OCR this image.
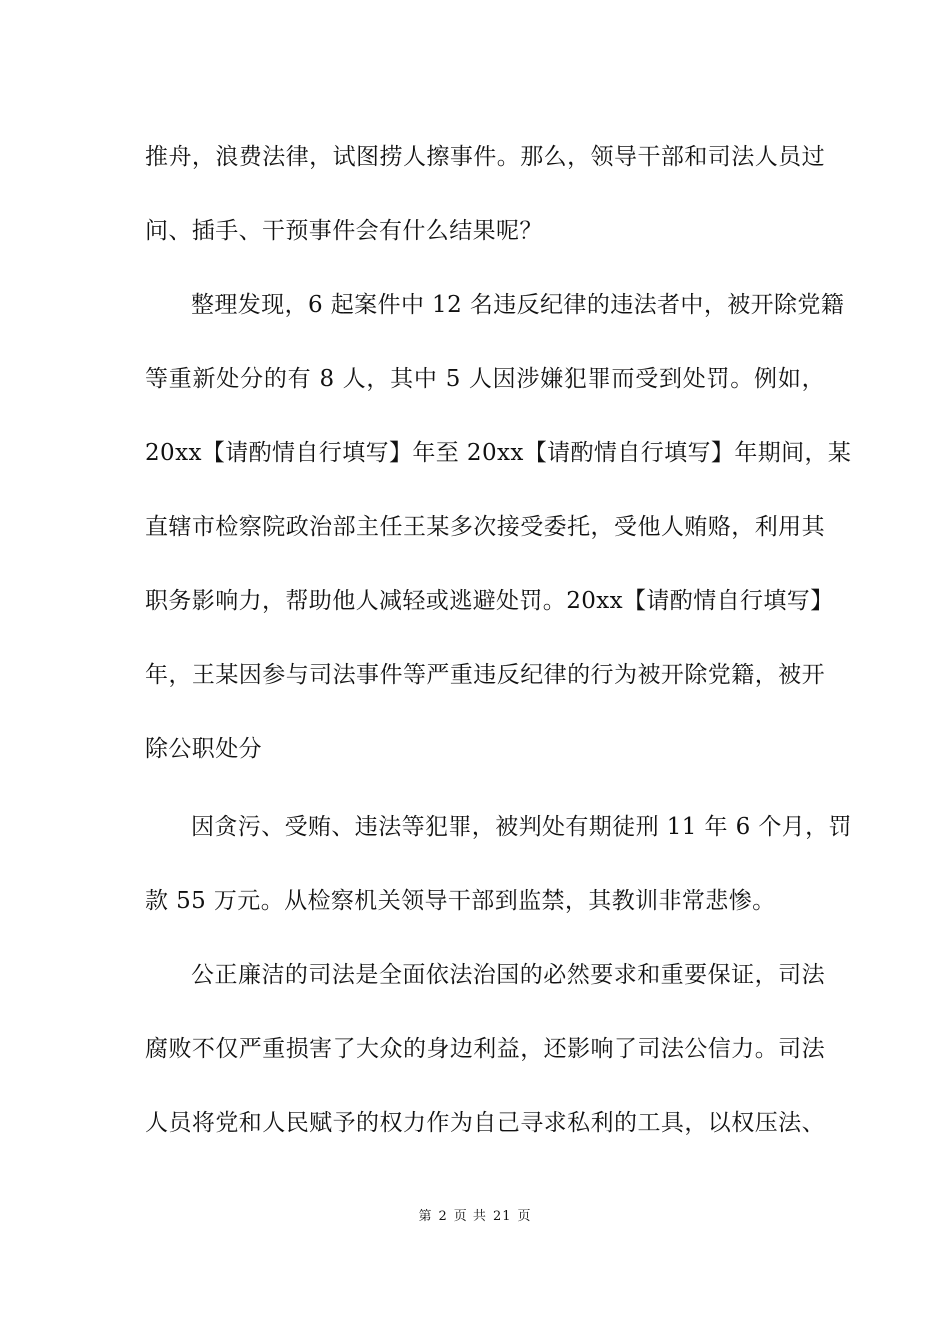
推舟，浪费法律，试图捞人擦事件。那么，领导干部和司法人员过
问、插手、干预事件会有什么结果呢？
整理发现，6 起案件中 12 名违反纪律的违法者中，被开除党籍
等重新处分的有 8 人，其中 5 人因涉嫌犯罪而受到处罚。例如，
20xx【请酌情自行填写】年至 20xx【请酌情自行填写】年期间，某
直辖市检察院政治部主任王某多次接受委托，受他人贿赂，利用其
职务影响力，帮助他人减轻或逃避处罚。20xx【请酌情自行填写】
年，王某因参与司法事件等严重违反纪律的行为被开除党籍，被开
除公职处分
因贪污、受贿、违法等犯罪，被判处有期徒刑 11 年 6 个月，罚
款 55 万元。从检察机关领导干部到监禁，其教训非常悲惨。
公正廉洁的司法是全面依法治国的必然要求和重要保证，司法
腐败不仅严重损害了大众的身边利益，还影响了司法公信力。司法
人员将党和人民赋予的权力作为自己寻求私利的工具，以权压法、
第 2 页 共 21 页
